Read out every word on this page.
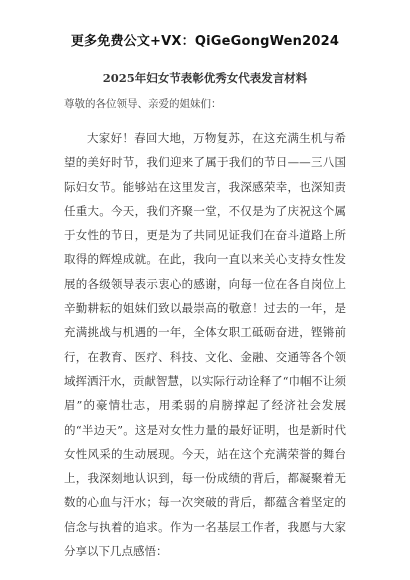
更多免费公文+VX：QiGeGongWen2024
2025年妇女节表彰优秀女代表发言材料
尊敬的各位领导、亲爱的姐妹们：

大家好！春回大地，万物复苏，在这充满生机与希望的美好时节，我们迎来了属于我们的节日——三八国际妇女节。能够站在这里发言，我深感荣幸，也深知责任重大。今天，我们齐聚一堂，不仅是为了庆祝这个属于女性的节日，更是为了共同见证我们在奋斗道路上所取得的辉煌成就。在此，我向一直以来关心支持女性发展的各级领导表示衷心的感谢，向每一位在各自岗位上辛勤耕耘的姐妹们致以最崇高的敬意！过去的一年，是充满挑战与机遇的一年，全体女职工砥砺奋进，铿锵前行，在教育、医疗、科技、文化、金融、交通等各个领域挥洒汗水，贡献智慧，以实际行动诠释了“巾帼不让须眉”的豪情壮志，用柔弱的肩膀撑起了经济社会发展的“半边天”。这是对女性力量的最好证明，也是新时代女性风采的生动展现。今天，站在这个充满荣誉的舞台上，我深刻地认识到，每一份成绩的背后，都凝聚着无数的心血与汗水；每一次突破的背后，都蕴含着坚定的信念与执着的追求。作为一名基层工作者，我愿与大家分享以下几点感悟：
